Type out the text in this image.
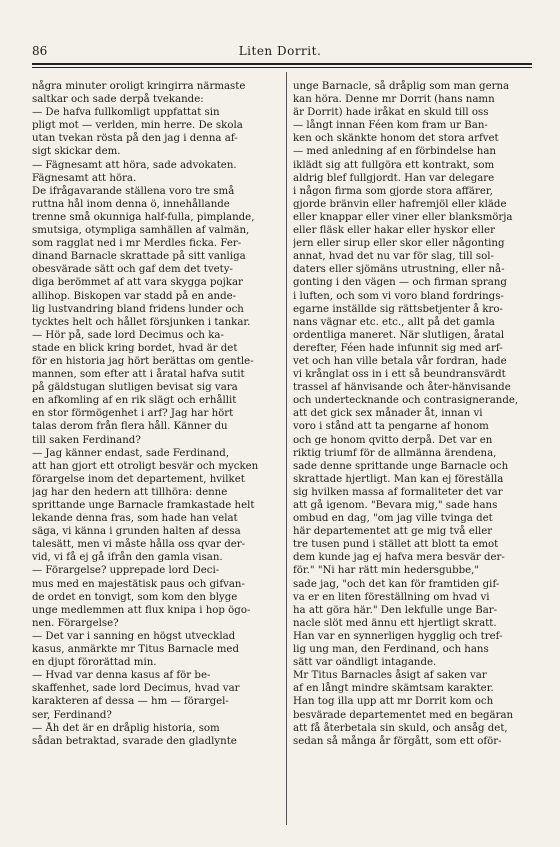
86	Liten Dorrit.
några minuter oroligt kringirra närmaste
saltkar och sade derpå tvekande:
— De hafva fullkomligt uppfattat sin
pligt mot — verlden, min herre. De skola
utan tvekan rösta på den jag i denna af-
sigt skickar dem.
— Fägnesamt att höra, sade advokaten.
Fägnesamt att höra.
De ifrågavarande ställena voro tre små
ruttna hål inom denna ö, innehållande
trenne små okunniga half-fulla, pimplande,
smutsiga, otympliga samhällen af valmän,
som ragglat ned i mr Merdles ficka. Fer-
dinand Barnacle skrattade på sitt vanliga
obesvärade sätt och gaf dem det tvety-
diga berömmet af att vara skygga pojkar
allihop. Biskopen var stadd på en ande-
lig lustvandring bland fridens lunder och
tycktes helt och hållet försjunken i tankar.
— Hör på, sade lord Decimus och ka-
stade en blick kring bordet, hvad är det
för en historia jag hört berättas om gentle-
mannen, som efter att i åratal hafva sutit
på gäldstugan slutligen bevisat sig vara
en afkomling af en rik slägt och erhållit
en stor förmögenhet i arf? Jag har hört
talas derom från flera håll. Känner du
till saken Ferdinand?
— Jag känner endast, sade Ferdinand,
att han gjort ett otroligt besvär och mycken
förargelse inom det departement, hvilket
jag har den hedern att tillhöra: denne
sprittande unge Barnacle framkastade helt
lekande denna fras, som hade han velat
säga, vi känna i grunden halten af dessa
talesätt, men vi måste hålla oss qvar der-
vid, vi få ej gå ifrån den gamla visan.
— Förargelse? upprepade lord Deci-
mus med en majestätisk paus och gifvan-
de ordet en tonvigt, som kom den blyge
unge medlemmen att flux knipa i hop ögo-
nen. Förargelse?
— Det var i sanning en högst utvecklad
kasus, anmärkte mr Titus Barnacle med
en djupt förorättad min.
— Hvad var denna kasus af för be-
skaffenhet, sade lord Decimus, hvad var
karakteren af dessa — hm — förargel-
ser, Ferdinand?
— Åh det är en dråplig historia, som
sådan betraktad, svarade den gladlynte
unge Barnacle, så dråplig som man gerna
kan höra. Denne mr Dorrit (hans namn
är Dorrit) hade iråkat en skuld till oss
— långt innan Féen kom fram ur Ban-
ken och skänkte honom det stora arfvet
— med anledning af en förbindelse han
iklädt sig att fullgöra ett kontrakt, som
aldrig blef fullgjordt. Han var delegare
i någon firma som gjorde stora affärer,
gjorde bränvin eller hafremjöl eller kläde
eller knappar eller viner eller blanksmörja
eller fläsk eller hakar eller hyskor eller
jern eller sirup eller skor eller någonting
annat, hvad det nu var för slag, till sol-
daters eller sjömäns utrustning, eller nå-
gonting i den vägen — och firman sprang
i luften, och som vi voro bland fordrings-
egarne inställde sig rättsbetjenter å kro-
nans vägnar etc. etc., allt på det gamla
ordentliga maneret. När slutligen, åratal
derefter, Féen hade infunnit sig med arf-
vet och han ville betala vår fordran, hade
vi krånglat oss in i ett så beundransvärdt
trassel af hänvisande och åter-hänvisande
och undertecknande och contrasignerande,
att det gick sex månader åt, innan vi
voro i stånd att ta pengarne af honom
och ge honom qvitto derpå. Det var en
riktig triumf för de allmänna ärendena,
sade denne sprittande unge Barnacle och
skrattade hjertligt. Man kan ej föreställa
sig hvilken massa af formaliteter det var
att gå igenom. "Bevara mig," sade hans
ombud en dag, "om jag ville tvinga det
här departementet att ge mig två eller
tre tusen pund i stället att blott ta emot
dem kunde jag ej hafva mera besvär der-
för." "Ni har rätt min hedersgubbe,"
sade jag, "och det kan för framtiden gif-
va er en liten föreställning om hvad vi
ha att göra här." Den lekfulle unge Bar-
nacle slöt med ännu ett hjertligt skratt.
Han var en synnerligen hygglig och tref-
lig ung man, den Ferdinand, och hans
sätt var oändligt intagande.
Mr Titus Barnacles åsigt af saken var
af en långt mindre skämtsam karakter.
Han tog illa upp att mr Dorrit kom och
besvärade departementet med en begäran
att få återbetala sin skuld, och ansåg det,
sedan så många år förgått, som ett oför-
